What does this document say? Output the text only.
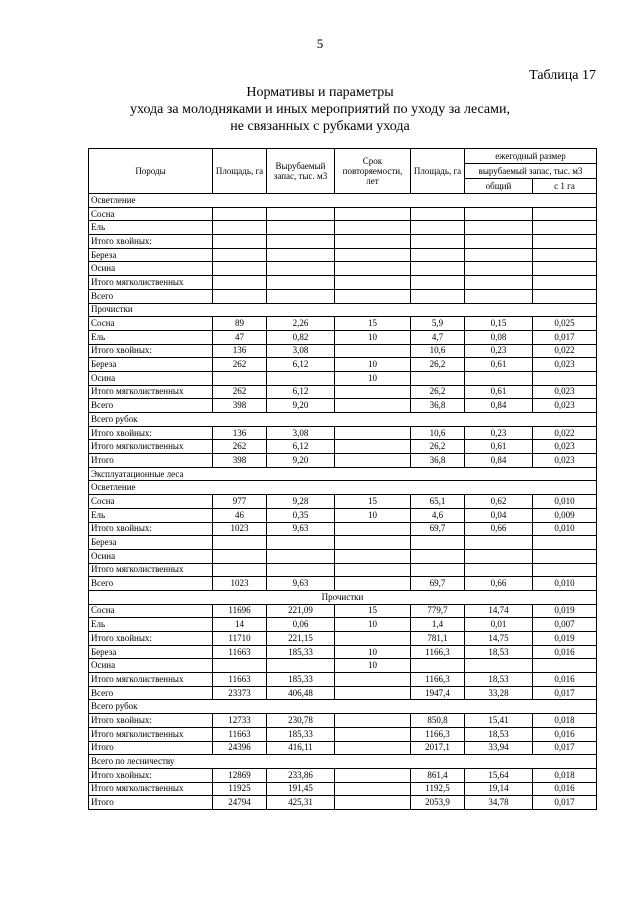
5
Таблица 17
Нормативы и параметры
ухода за молодняками и иных мероприятий по уходу за лесами,
не связанных с рубками ухода
Породы	Площадь, га	Вырубаемый запас, тыс. м3	Срок повторяемости, лет	Площадь, га	ежегодный размер	
					вырубаемый запас, тыс. м3	
					общий	с 1 га
Осветление						
Сосна						
Ель						
Итого хвойных:						
Береза						
Осина						
Итого мягколиственных						
Всего						
Прочистки						
Сосна	89	2,26	15	5,9	0,15	0,025
Ель	47	0,82	10	4,7	0,08	0,017
Итого хвойных:	136	3,08		10,6	0,23	0,022
Береза	262	6,12	10	26,2	0,61	0,023
Осина			10			
Итого мягколиственных	262	6,12		26,2	0,61	0,023
Всего	398	9,20		36,8	0,84	0,023
Всего рубок						
Итого хвойных:	136	3,08		10,6	0,23	0,022
Итого мягколиственных	262	6,12		26,2	0,61	0,023
Итого	398	9,20		36,8	0,84	0,023
Эксплуатационные леса						
Осветление						
Сосна	977	9,28	15	65,1	0,62	0,010
Ель	46	0,35	10	4,6	0,04	0,009
Итого хвойных:	1023	9,63		69,7	0,66	0,010
Береза						
Осина						
Итого мягколиственных						
Всего	1023	9,63		69,7	0,66	0,010
Прочистки						
Сосна	11696	221,09	15	779,7	14,74	0,019
Ель	14	0,06	10	1,4	0,01	0,007
Итого хвойных:	11710	221,15		781,1	14,75	0,019
Береза	11663	185,33	10	1166,3	18,53	0,016
Осина			10			
Итого мягколиственных	11663	185,33		1166,3	18,53	0,016
Всего	23373	406,48		1947,4	33,28	0,017
Всего рубок						
Итого хвойных:	12733	230,78		850,8	15,41	0,018
Итого мягколиственных	11663	185,33		1166,3	18,53	0,016
Итого	24396	416,11		2017,1	33,94	0,017
Всего по лесничеству						
Итого хвойных:	12869	233,86		861,4	15,64	0,018
Итого мягколиственных	11925	191,45		1192,5	19,14	0,016
Итого	24794	425,31		2053,9	34,78	0,017
